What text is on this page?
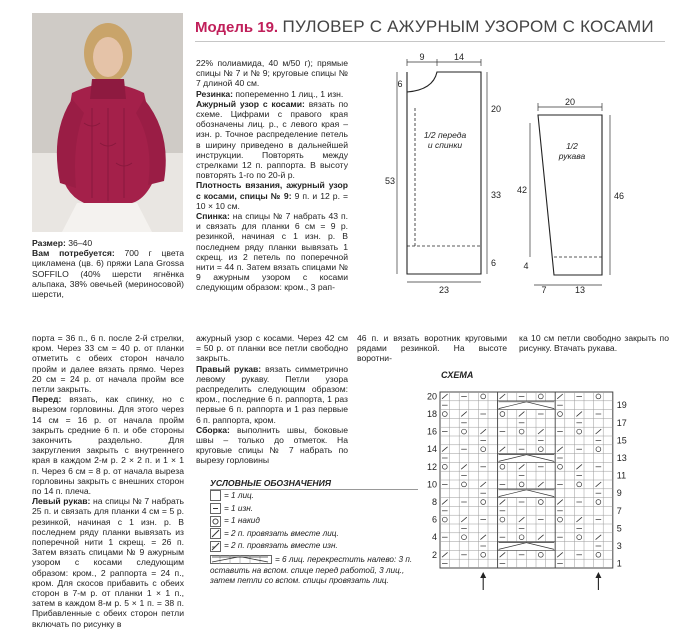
Модель 19. ПУЛОВЕР С АЖУРНЫМ УЗОРОМ С КОСАМИ

Размер: 36–40

Вам потребуется: 700 г цвета цикламена (цв. 6) пряжи Lana Grossa SOFFILO (40% шерсти ягнёнка альпака, 38% овечьей (мериносовой) шерсти,

22% полиамида, 40 м/50 г); прямые спицы № 7 и № 9; круговые спицы № 7 длиной 40 см.

Резинка: попеременно 1 лиц., 1 изн.

Ажурный узор с косами: вязать по схеме. Цифрами с правого края обозначены лиц. р., с левого края – изн. р. Точное распределение петель в ширину приведено в дальнейшей инструкции. Повторять между стрелками 12 п. раппорта. В высоту повторять 1-го по 20-й р.

Плотность вязания, ажурный узор с косами, спицы № 9: 9 п. и 12 р. = 10 × 10 см.

Спинка: на спицы № 7 набрать 43 п. и связать для планки 6 см = 9 р. резинкой, начиная с 1 изн. р. В последнем ряду планки вывязать 1 скрещ. из 2 петель по поперечной нити = 44 п. Затем вязать спицами № 9 ажурным узором с косами следующим образом: кром., 3 рап-

порта = 36 п., 6 п. после 2-й стрелки, кром. Через 33 см = 40 р. от планки отметить с обеих сторон начало пройм и далее вязать прямо. Через 20 см = 24 р. от начала пройм все петли закрыть.

Перед: вязать, как спинку, но с вырезом горловины. Для этого через 14 см = 16 р. от начала пройм закрыть средние 6 п. и обе стороны закончить раздельно. Для закругления закрыть с внутреннего края в каждом 2-м р. 2 × 2 п. и 1 × 1 п. Через 6 см = 8 р. от начала выреза горловины закрыть с внешних сторон по 14 п. плеча.

Левый рукав: на спицы № 7 набрать 25 п. и связать для планки 4 см = 5 р. резинкой, начиная с 1 изн. р. В последнем ряду планки вывязать из поперечной нити 1 скрещ. = 26 п. Затем вязать спицами № 9 ажурным узором с косами следующим образом: кром., 2 раппорта = 24 п., кром. Для скосов прибавить с обеих сторон в 7-м р. от планки 1 × 1 п., затем в каждом 8-м р. 5 × 1 п. = 38 п. Прибавленные с обеих сторон петли включать по рисунку в

ажурный узор с косами. Через 42 см = 50 р. от планки все петли свободно закрыть.

Правый рукав: вязать симметрично левому рукаву. Петли узора распределить следующим образом: кром., последние 6 п. раппорта, 1 раз первые 6 п. раппорта и 1 раз первые 6 п. раппорта, кром.

Сборка: выполнить швы, боковые швы – только до отметок. На круговые спицы № 7 набрать по вырезу горловины

46 п. и вязать воротник круговыми рядами резинкой. На высоте воротни-

ка 10 см петли свободно закрыть по рисунку. Втачать рукава.

УСЛОВНЫЕ ОБОЗНАЧЕНИЯ
= 1 лиц.
= 1 изн.
= 1 накид
= 2 п. провязать вместе лиц.
= 2 п. провязать вместе изн.
= 6 лиц. перекрестить налево: 3 п. оставить на вспом. спице перед работой, 3 лиц., затем петли со вспом. спицы провязать лиц.
9	14
6
1/2 переда
и спинки
20
53
33
6
23
20
1/2
рукава
42
46
4
7	13
СХЕМА
20
18
16
14
12
10
8
6
4
2
19
17
15
13
11
9
7
5
3
1
